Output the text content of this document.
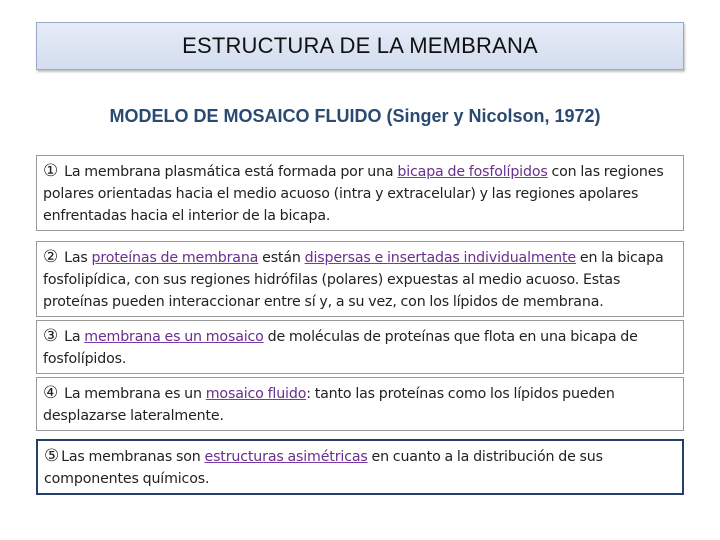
ESTRUCTURA DE LA MEMBRANA
MODELO DE MOSAICO FLUIDO (Singer y Nicolson, 1972)
① La membrana plasmática está formada por una bicapa de fosfolípidos con las regiones polares orientadas hacia el medio acuoso (intra y extracelular) y las regiones apolares enfrentadas hacia el interior de la bicapa.
② Las proteínas de membrana están dispersas e insertadas individualmente en la bicapa fosfolipídica, con sus regiones hidrófilas (polares) expuestas al medio acuoso. Estas proteínas pueden interaccionar entre sí y, a su vez, con los lípidos de membrana.
③ La membrana es un mosaico de moléculas de proteínas que flota en una bicapa de fosfolípidos.
④ La membrana es un mosaico fluido: tanto las proteínas como los lípidos pueden desplazarse lateralmente.
⑤ Las membranas son estructuras asimétricas en cuanto a la distribución de sus componentes químicos.
